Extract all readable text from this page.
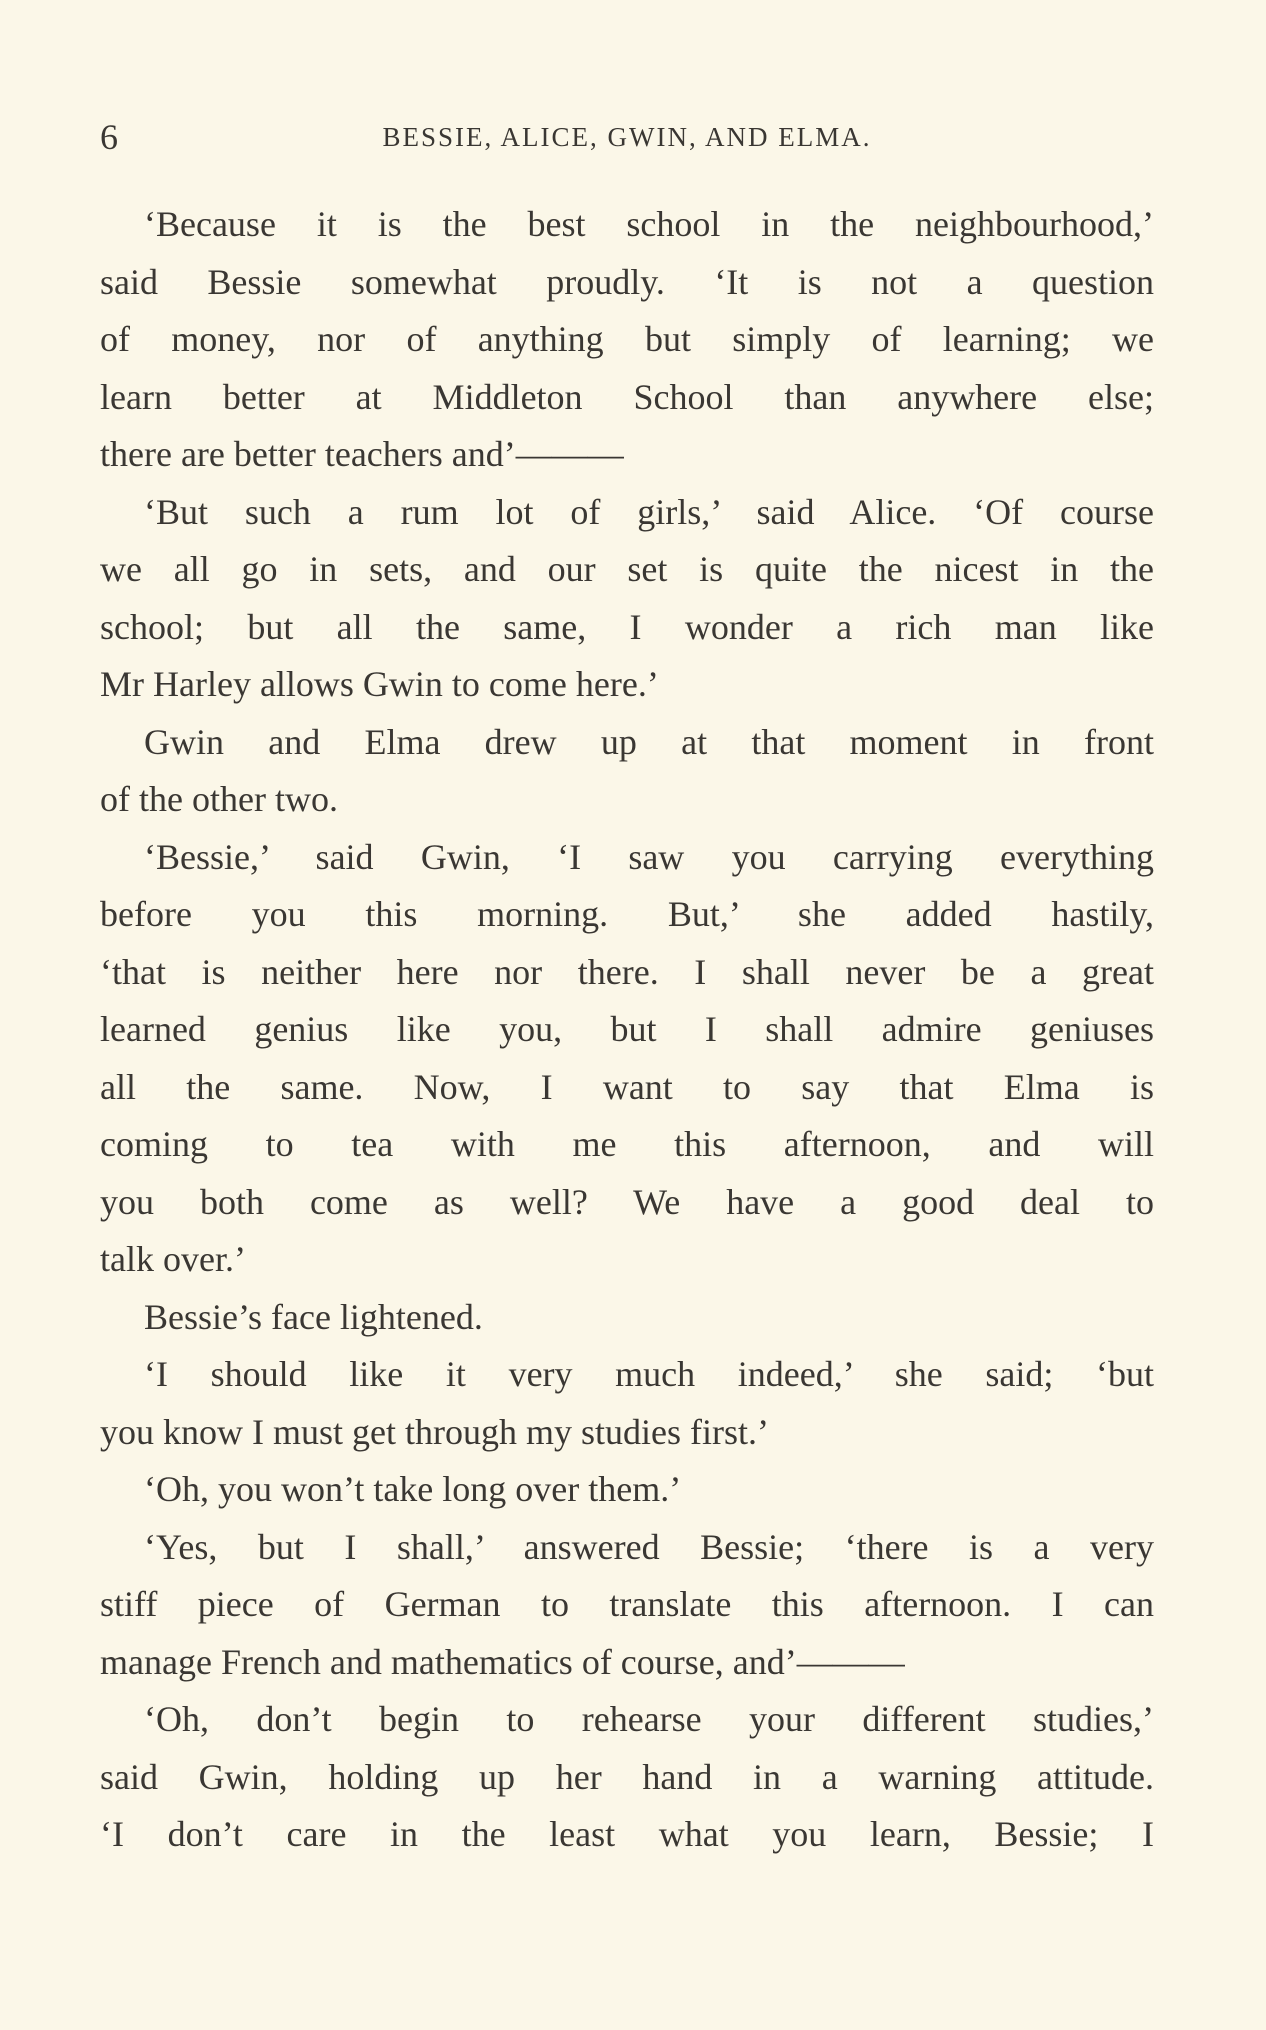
6	BESSIE, ALICE, GWIN, AND ELMA.
‘Because it is the best school in the neighbourhood,’
said Bessie somewhat proudly. ‘It is not a question
of money, nor of anything but simply of learning; we
learn better at Middleton School than anywhere else;
there are better teachers and’———
‘But such a rum lot of girls,’ said Alice. ‘Of course
we all go in sets, and our set is quite the nicest in the
school; but all the same, I wonder a rich man like
Mr Harley allows Gwin to come here.’
Gwin and Elma drew up at that moment in front
of the other two.
‘Bessie,’ said Gwin, ‘I saw you carrying everything
before you this morning. But,’ she added hastily,
‘that is neither here nor there. I shall never be a great
learned genius like you, but I shall admire geniuses
all the same. Now, I want to say that Elma is
coming to tea with me this afternoon, and will
you both come as well? We have a good deal to
talk over.’
Bessie’s face lightened.
‘I should like it very much indeed,’ she said; ‘but
you know I must get through my studies first.’
‘Oh, you won’t take long over them.’
‘Yes, but I shall,’ answered Bessie; ‘there is a very
stiff piece of German to translate this afternoon. I can
manage French and mathematics of course, and’———
‘Oh, don’t begin to rehearse your different studies,’
said Gwin, holding up her hand in a warning attitude.
‘I don’t care in the least what you learn, Bessie; I
